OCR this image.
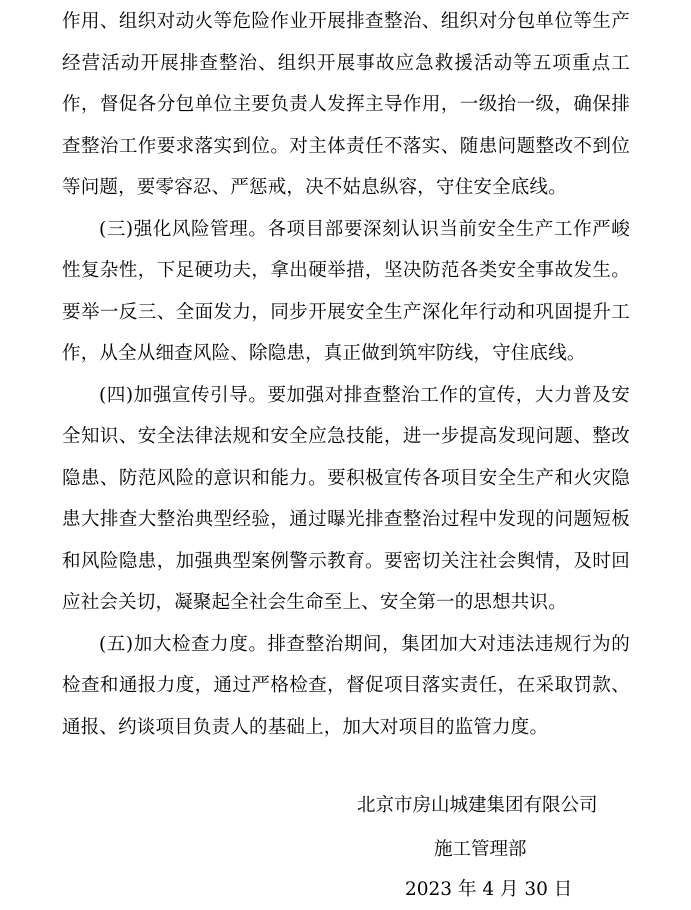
作用、组织对动火等危险作业开展排查整治、组织对分包单位等生产经营活动开展排查整治、组织开展事故应急救援活动等五项重点工作，督促各分包单位主要负责人发挥主导作用，一级抬一级，确保排查整治工作要求落实到位。对主体责任不落实、随患问题整改不到位等问题，要零容忍、严惩戒，决不姑息纵容，守住安全底线。

(三)强化风险管理。各项目部要深刻认识当前安全生产工作严峻性复杂性，下足硬功夫，拿出硬举措，坚决防范各类安全事故发生。要举一反三、全面发力，同步开展安全生产深化年行动和巩固提升工作，从全从细查风险、除隐患，真正做到筑牢防线，守住底线。

(四)加强宣传引导。要加强对排查整治工作的宣传，大力普及安全知识、安全法律法规和安全应急技能，进一步提高发现问题、整改隐患、防范风险的意识和能力。要积极宣传各项目安全生产和火灾隐患大排查大整治典型经验，通过曝光排查整治过程中发现的问题短板和风险隐患，加强典型案例警示教育。要密切关注社会舆情，及时回应社会关切，凝聚起全社会生命至上、安全第一的思想共识。

(五)加大检查力度。排查整治期间，集团加大对违法违规行为的检查和通报力度，通过严格检查，督促项目落实责任，在采取罚款、通报、约谈项目负责人的基础上，加大对项目的监管力度。

北京市房山城建集团有限公司

施工管理部

2023 年 4 月 30 日
